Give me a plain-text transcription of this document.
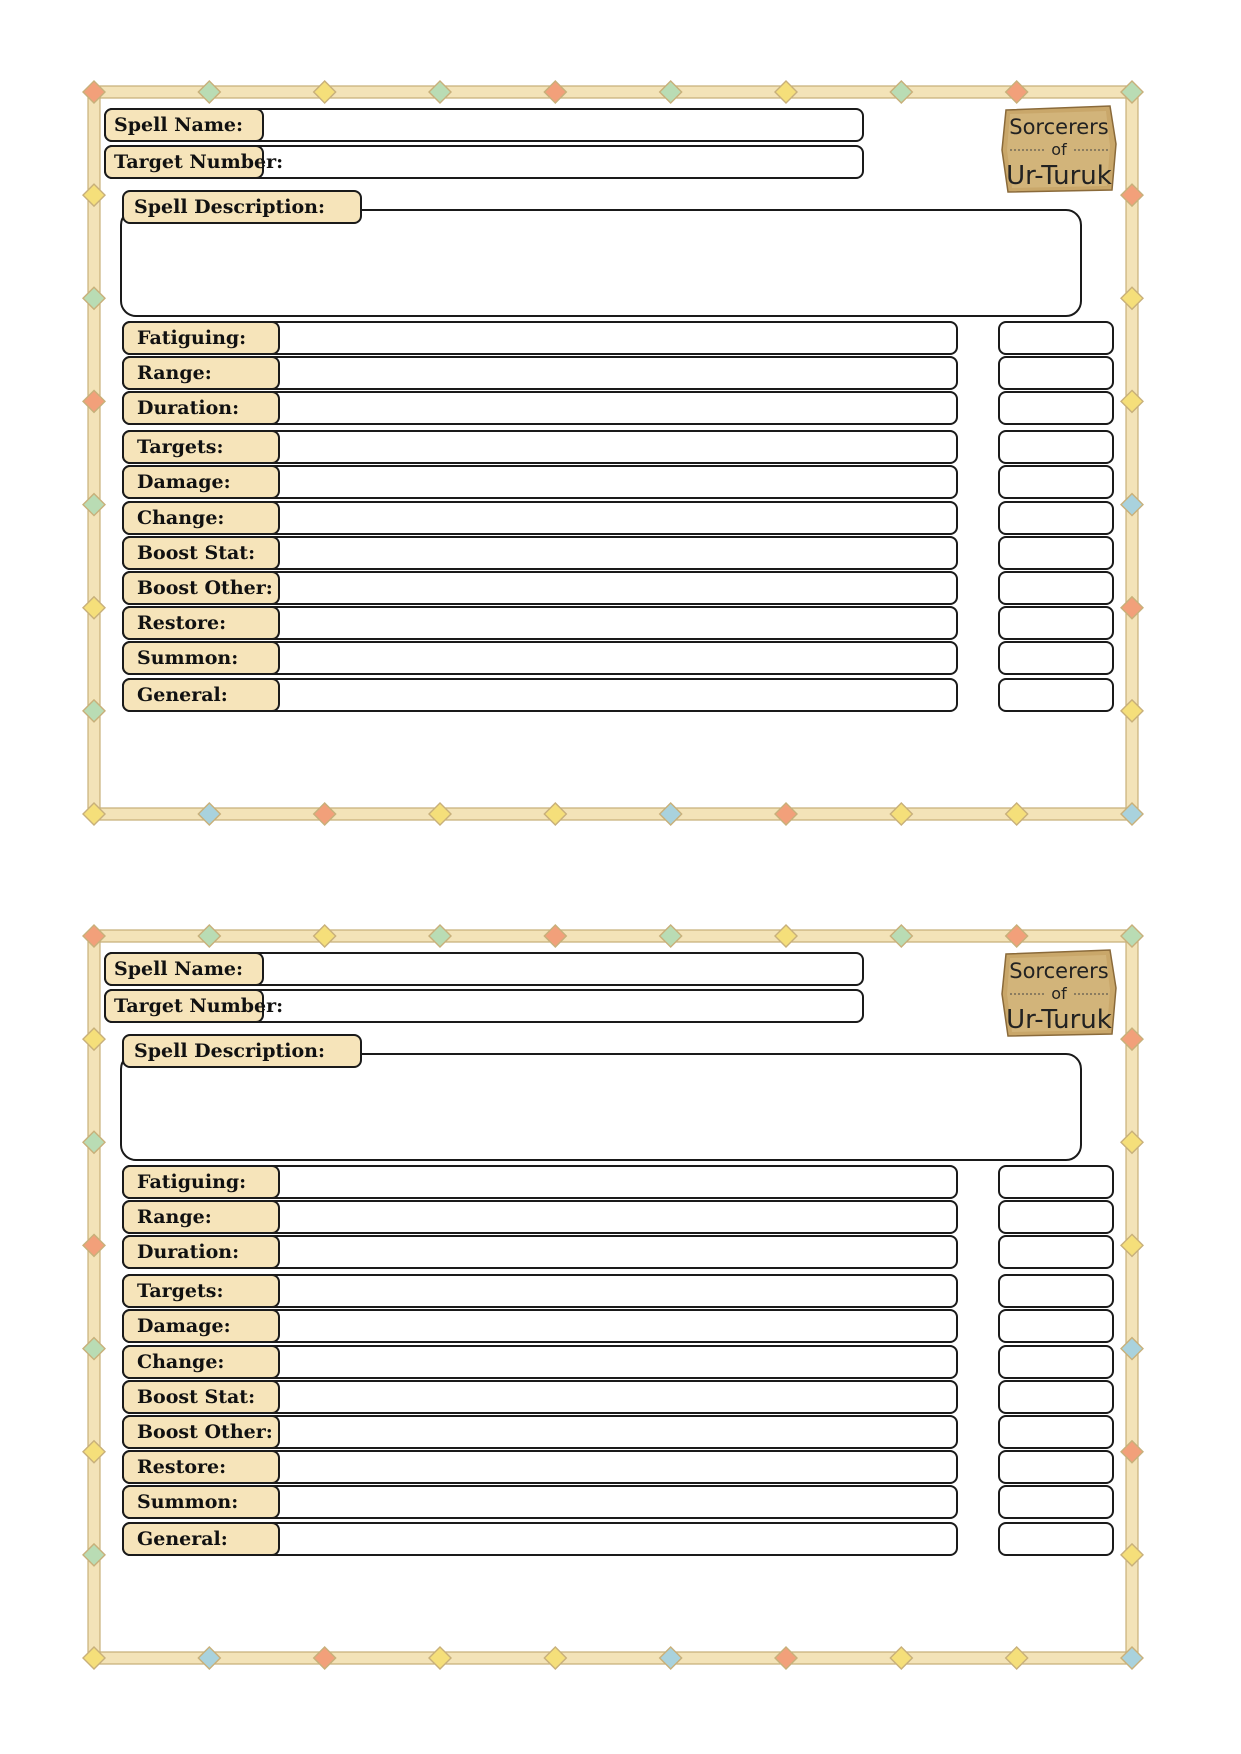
Spell Name:
Target Number:
Sorcerers
of
Ur-Turuk
Spell Description:
Fatiguing:
Range:
Duration:
Targets:
Damage:
Change:
Boost Stat:
Boost Other:
Restore:
Summon:
General:
Spell Name:
Target Number:
Sorcerers
of
Ur-Turuk
Spell Description:
Fatiguing:
Range:
Duration:
Targets:
Damage:
Change:
Boost Stat:
Boost Other:
Restore:
Summon:
General:
